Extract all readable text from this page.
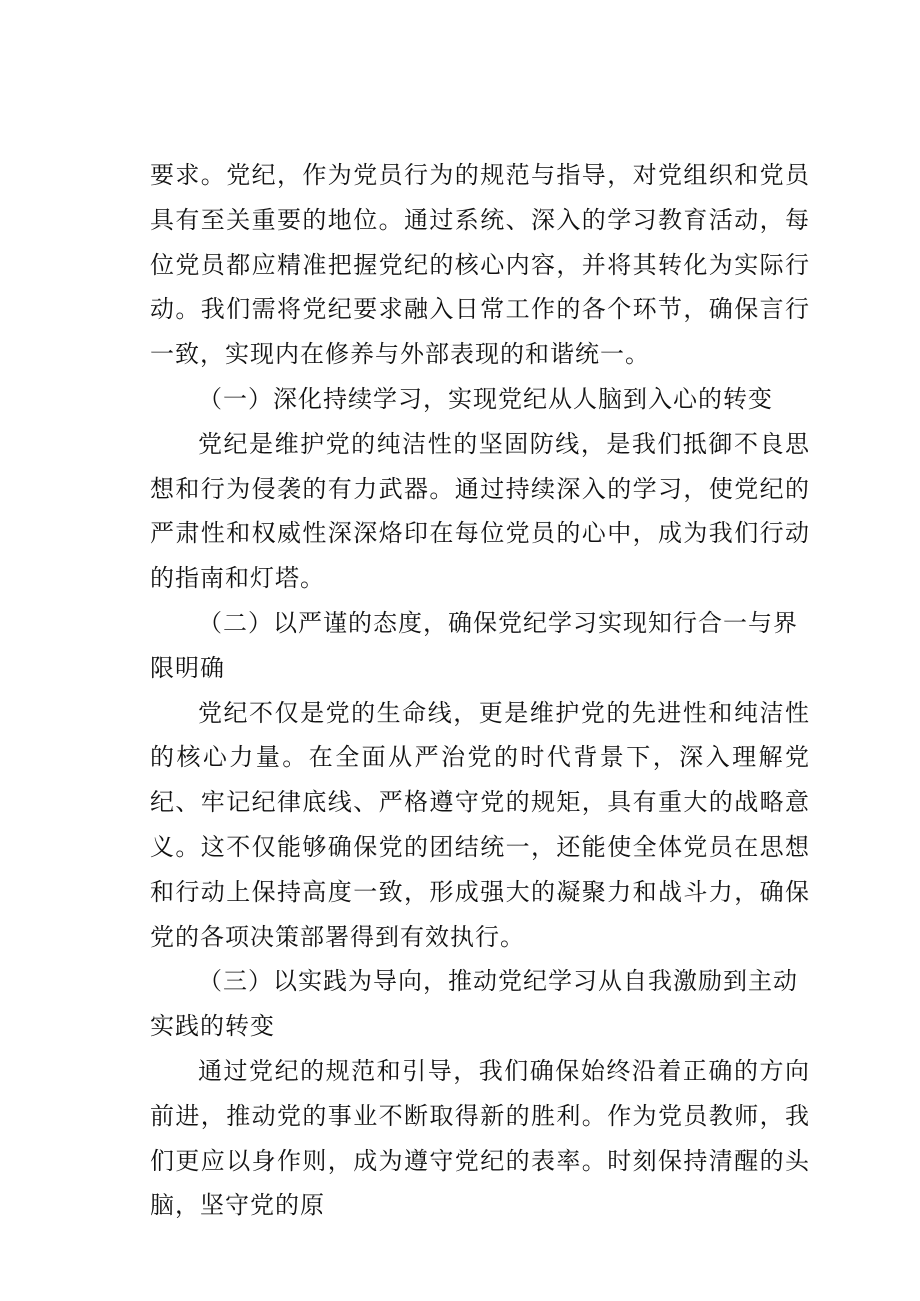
要求。党纪，作为党员行为的规范与指导，对党组织和党员具有至关重要的地位。通过系统、深入的学习教育活动，每位党员都应精准把握党纪的核心内容，并将其转化为实际行动。我们需将党纪要求融入日常工作的各个环节，确保言行一致，实现内在修养与外部表现的和谐统一。

（一）深化持续学习，实现党纪从人脑到入心的转变

党纪是维护党的纯洁性的坚固防线，是我们抵御不良思想和行为侵袭的有力武器。通过持续深入的学习，使党纪的严肃性和权威性深深烙印在每位党员的心中，成为我们行动的指南和灯塔。

（二）以严谨的态度，确保党纪学习实现知行合一与界限明确

党纪不仅是党的生命线，更是维护党的先进性和纯洁性的核心力量。在全面从严治党的时代背景下，深入理解党纪、牢记纪律底线、严格遵守党的规矩，具有重大的战略意义。这不仅能够确保党的团结统一，还能使全体党员在思想和行动上保持高度一致，形成强大的凝聚力和战斗力，确保党的各项决策部署得到有效执行。

（三）以实践为导向，推动党纪学习从自我激励到主动实践的转变

通过党纪的规范和引导，我们确保始终沿着正确的方向前进，推动党的事业不断取得新的胜利。作为党员教师，我们更应以身作则，成为遵守党纪的表率。时刻保持清醒的头脑，坚守党的原
